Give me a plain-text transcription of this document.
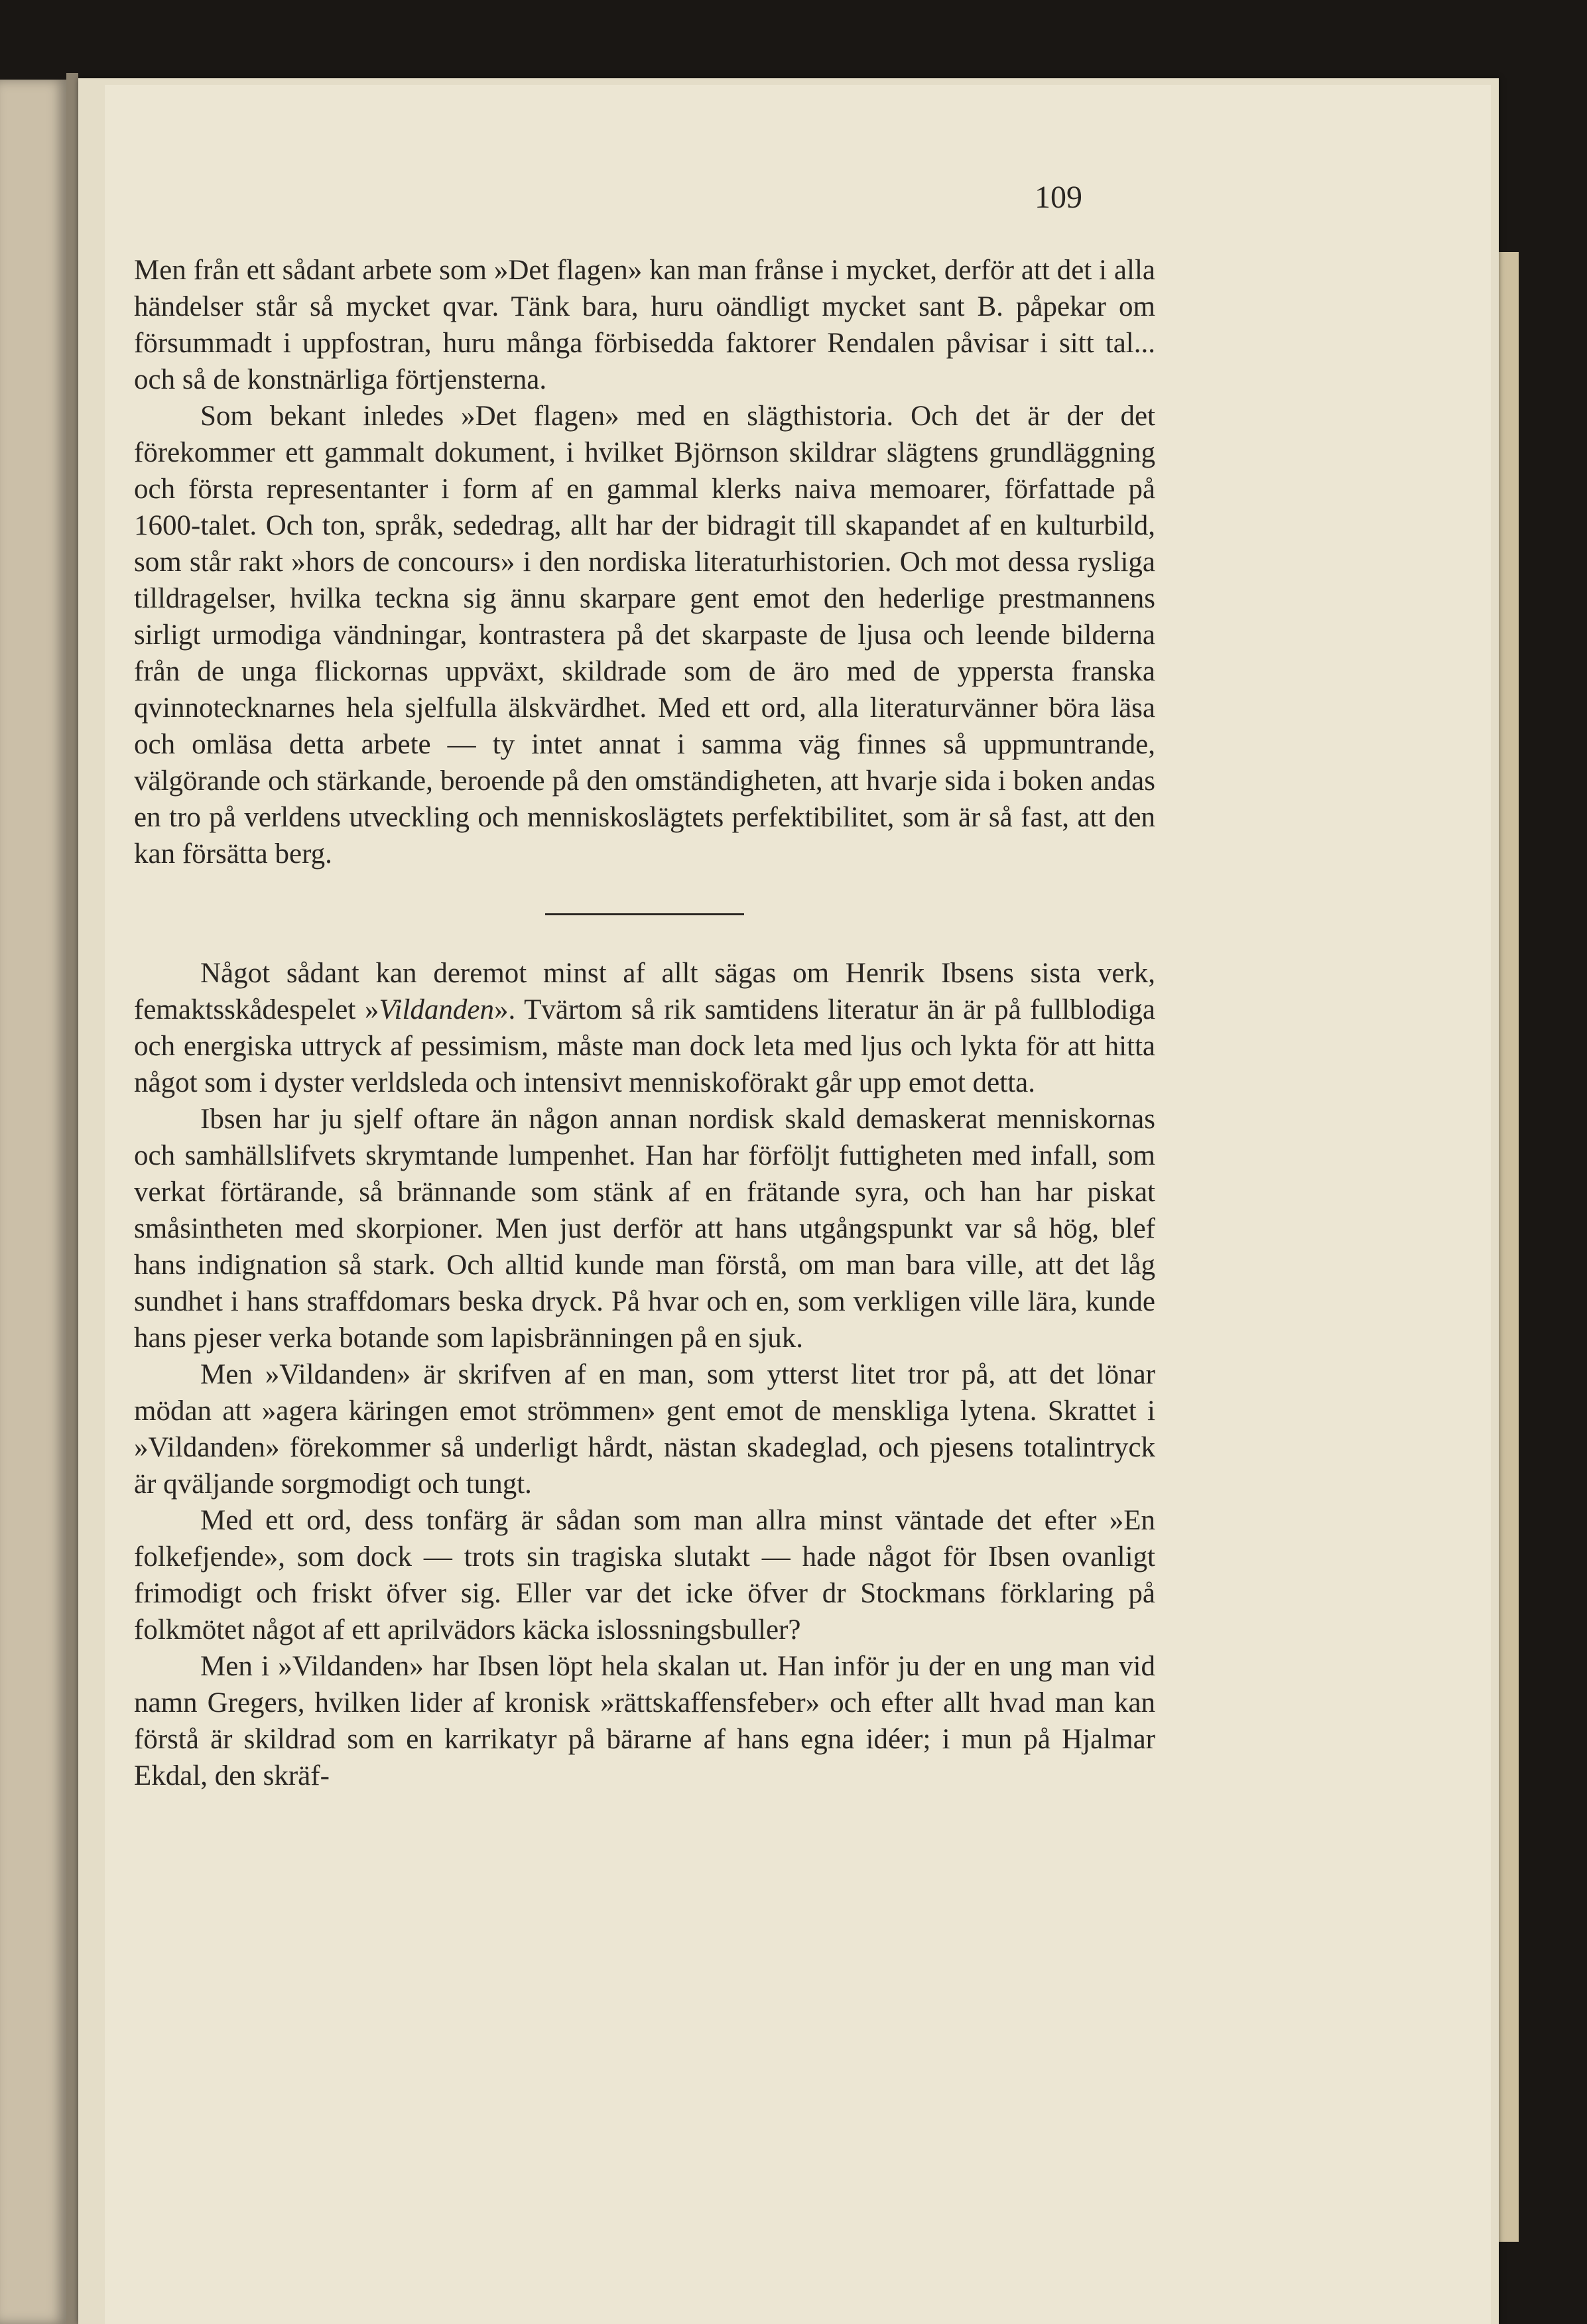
109

Men från ett sådant arbete som »Det flagen» kan man frånse i mycket, derför att det i alla händelser står så mycket qvar. Tänk bara, huru oändligt mycket sant B. påpekar om försummadt i uppfostran, huru många förbisedda faktorer Rendalen påvisar i sitt tal... och så de konstnärliga förtjensterna.

Som bekant inledes »Det flagen» med en slägthistoria. Och det är der det förekommer ett gammalt dokument, i hvilket Björnson skildrar slägtens grundläggning och första representanter i form af en gammal klerks naiva memoarer, författade på 1600-talet. Och ton, språk, sededrag, allt har der bidragit till skapandet af en kulturbild, som står rakt »hors de concours» i den nordiska literaturhistorien. Och mot dessa rysliga tilldragelser, hvilka teckna sig ännu skarpare gent emot den hederlige prestmannens sirligt urmodiga vändningar, kontrastera på det skarpaste de ljusa och leende bilderna från de unga flickornas uppväxt, skildrade som de äro med de yppersta franska qvinnotecknarnes hela sjelfulla älskvärdhet. Med ett ord, alla literaturvänner böra läsa och omläsa detta arbete — ty intet annat i samma väg finnes så uppmuntrande, välgörande och stärkande, beroende på den omständigheten, att hvarje sida i boken andas en tro på verldens utveckling och menniskoslägtets perfektibilitet, som är så fast, att den kan försätta berg.

Något sådant kan deremot minst af allt sägas om Henrik Ibsens sista verk, femaktsskådespelet »Vildanden». Tvärtom så rik samtidens literatur än är på fullblodiga och energiska uttryck af pessimism, måste man dock leta med ljus och lykta för att hitta något som i dyster verldsleda och intensivt menniskoförakt går upp emot detta.

Ibsen har ju sjelf oftare än någon annan nordisk skald demaskerat menniskornas och samhällslifvets skrymtande lumpenhet. Han har förföljt futtigheten med infall, som verkat förtärande, så brännande som stänk af en frätande syra, och han har piskat småsintheten med skorpioner. Men just derför att hans utgångspunkt var så hög, blef hans indignation så stark. Och alltid kunde man förstå, om man bara ville, att det låg sundhet i hans straffdomars beska dryck. På hvar och en, som verkligen ville lära, kunde hans pjeser verka botande som lapisbränningen på en sjuk.

Men »Vildanden» är skrifven af en man, som ytterst litet tror på, att det lönar mödan att »agera käringen emot strömmen» gent emot de menskliga lytena. Skrattet i »Vildanden» förekommer så underligt hårdt, nästan skadeglad, och pjesens totalintryck är qväljande sorgmodigt och tungt.

Med ett ord, dess tonfärg är sådan som man allra minst väntade det efter »En folkefjende», som dock — trots sin tragiska slutakt — hade något för Ibsen ovanligt frimodigt och friskt öfver sig. Eller var det icke öfver dr Stockmans förklaring på folkmötet något af ett aprilvädors käcka islossningsbuller?

Men i »Vildanden» har Ibsen löpt hela skalan ut. Han inför ju der en ung man vid namn Gregers, hvilken lider af kronisk »rättskaffensfeber» och efter allt hvad man kan förstå är skildrad som en karrikatyr på bärarne af hans egna idéer; i mun på Hjalmar Ekdal, den skräf-
